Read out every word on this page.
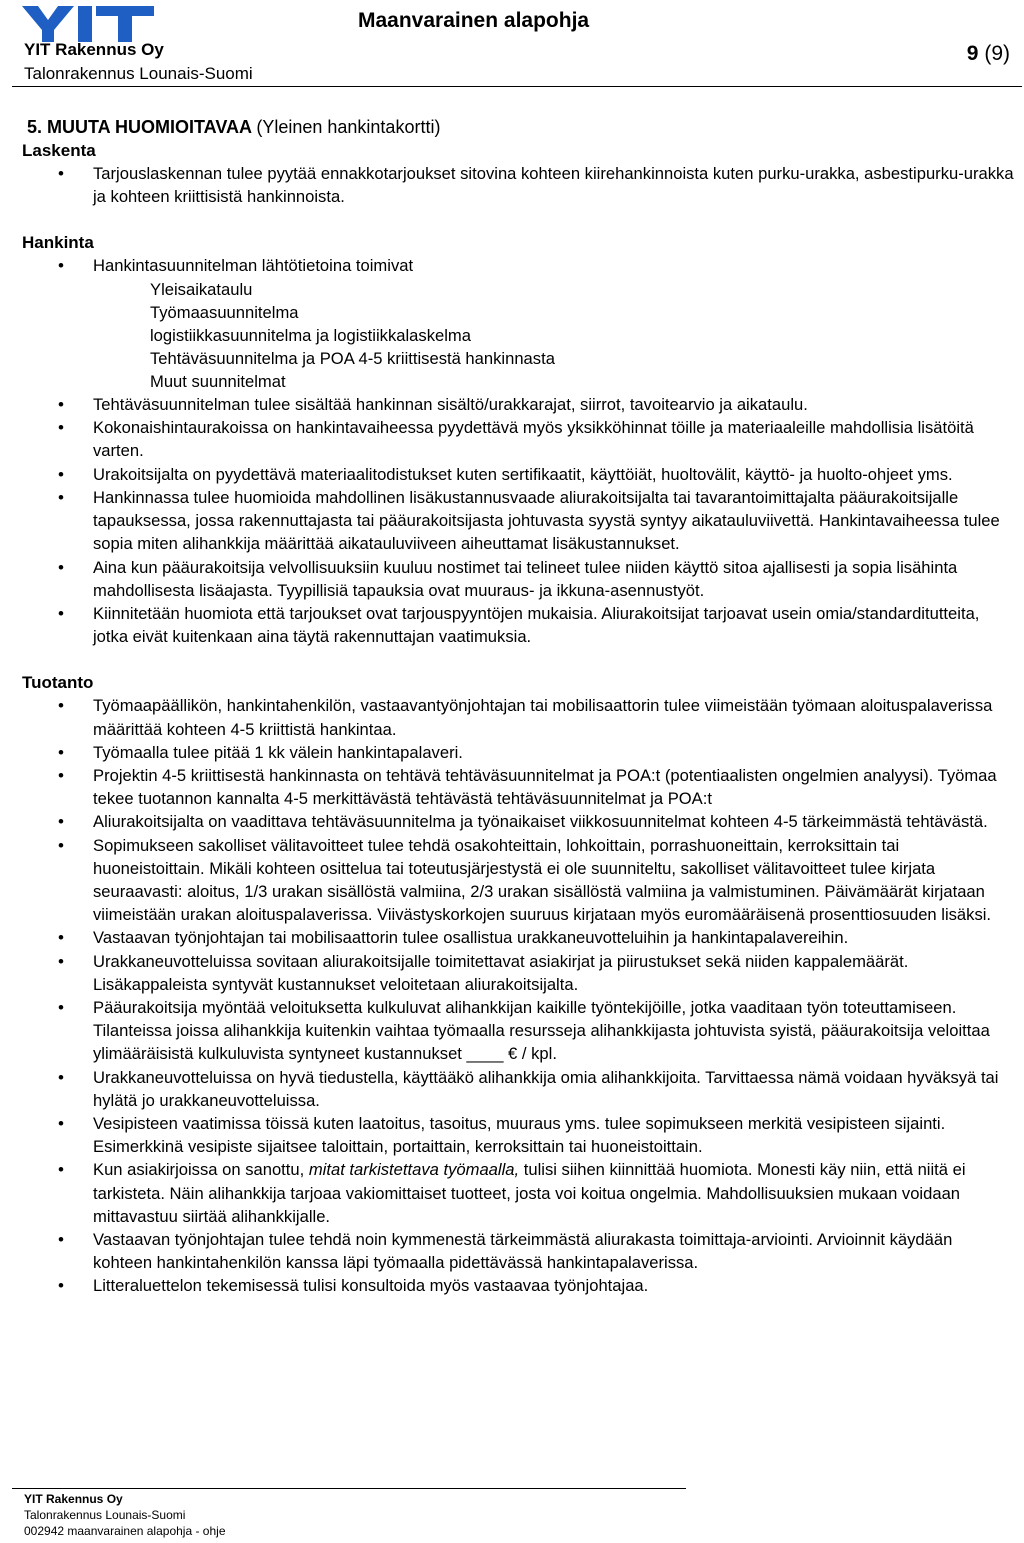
YIT Rakennus Oy
Talonrakennus Lounais-Suomi
Maanvarainen alapohja
9 (9)
5. MUUTA HUOMIOITAVAA (Yleinen hankintakortti)
Laskenta
• Tarjouslaskennan tulee pyytää ennakkotarjoukset sitovina kohteen kiirehankinnoista kuten purku-urakka, asbestipurku-urakka ja kohteen kriittisistä hankinnoista.
Hankinta
• Hankintasuunnitelman lähtötietoina toimivat
Yleisaikataulu
Työmaasuunnitelma
logistiikkasuunnitelma ja logistiikkalaskelma
Tehtäväsuunnitelma ja POA 4-5 kriittisestä hankinnasta
Muut suunnitelmat
• Tehtäväsuunnitelman tulee sisältää hankinnan sisältö/urakkarajat, siirrot, tavoitearvio ja aikataulu.
• Kokonaishintaurakoissa on hankintavaiheessa pyydettävä myös yksikköhinnat töille ja materiaaleille mahdollisia lisätöitä varten.
• Urakoitsijalta on pyydettävä materiaalitodistukset kuten sertifikaatit, käyttöiät, huoltovälit, käyttö- ja huolto-ohjeet yms.
• Hankinnassa tulee huomioida mahdollinen lisäkustannusvaade aliurakoitsijalta tai tavarantoimittajalta pääurakoitsijalle tapauksessa, jossa rakennuttajasta tai pääurakoitsijasta johtuvasta syystä syntyy aikatauluviivettä. Hankintavaiheessa tulee sopia miten alihankkija määrittää aikatauluviiveen aiheuttamat lisäkustannukset.
• Aina kun pääurakoitsija velvollisuuksiin kuuluu nostimet tai telineet tulee niiden käyttö sitoa ajallisesti ja sopia lisähinta mahdollisesta lisäajasta. Tyypillisiä tapauksia ovat muuraus- ja ikkuna-asennustyöt.
• Kiinnitetään huomiota että tarjoukset ovat tarjouspyyntöjen mukaisia. Aliurakoitsijat tarjoavat usein omia/standarditutteita, jotka eivät kuitenkaan aina täytä rakennuttajan vaatimuksia.
Tuotanto
• Työmaapäällikön, hankintahenkilön, vastaavantyönjohtajan tai mobilisaattorin tulee viimeistään työmaan aloituspalaverissa määrittää kohteen 4-5 kriittistä hankintaa.
• Työmaalla tulee pitää 1 kk välein hankintapalaveri.
• Projektin 4-5 kriittisestä hankinnasta on tehtävä tehtäväsuunnitelmat ja POA:t (potentiaalisten ongelmien analyysi). Työmaa tekee tuotannon kannalta 4-5 merkittävästä tehtävästä tehtäväsuunnitelmat ja POA:t
• Aliurakoitsijalta on vaadittava tehtäväsuunnitelma ja työnaikaiset viikkosuunnitelmat kohteen 4-5 tärkeimmästä tehtävästä.
• Sopimukseen sakolliset välitavoitteet tulee tehdä osakohteittain, lohkoittain, porrashuoneittain, kerroksittain tai huoneistoittain. Mikäli kohteen osittelua tai toteutusjärjestystä ei ole suunniteltu, sakolliset välitavoitteet tulee kirjata seuraavasti: aloitus, 1/3 urakan sisällöstä valmiina, 2/3 urakan sisällöstä valmiina ja valmistuminen. Päivämäärät kirjataan viimeistään urakan aloituspalaverissa. Viivästyskorkojen suuruus kirjataan myös euromääräisenä prosenttiosuuden lisäksi.
• Vastaavan työnjohtajan tai mobilisaattorin tulee osallistua urakkaneuvotteluihin ja hankintapalavereihin.
• Urakkaneuvotteluissa sovitaan aliurakoitsijalle toimitettavat asiakirjat ja piirustukset sekä niiden kappalemäärät. Lisäkappaleista syntyvät kustannukset veloitetaan aliurakoitsijalta.
• Pääurakoitsija myöntää veloituksetta kulkuluvat alihankkijan kaikille työntekijöille, jotka vaaditaan työn toteuttamiseen. Tilanteissa joissa alihankkija kuitenkin vaihtaa työmaalla resursseja alihankkijasta johtuvista syistä, pääurakoitsija veloittaa ylimääräisistä kulkuluvista syntyneet kustannukset ____ € / kpl.
• Urakkaneuvotteluissa on hyvä tiedustella, käyttääkö alihankkija omia alihankkijoita. Tarvittaessa nämä voidaan hyväksyä tai hylätä jo urakkaneuvotteluissa.
• Vesipisteen vaatimissa töissä kuten laatoitus, tasoitus, muuraus yms. tulee sopimukseen merkitä vesipisteen sijainti. Esimerkkinä vesipiste sijaitsee taloittain, portaittain, kerroksittain tai huoneistoittain.
• Kun asiakirjoissa on sanottu, mitat tarkistettava työmaalla, tulisi siihen kiinnittää huomiota. Monesti käy niin, että niitä ei tarkisteta. Näin alihankkija tarjoaa vakiomittaiset tuotteet, josta voi koitua ongelmia. Mahdollisuuksien mukaan voidaan mittavastuu siirtää alihankkijalle.
• Vastaavan työnjohtajan tulee tehdä noin kymmenestä tärkeimmästä aliurakasta toimittaja-arviointi. Arvioinnit käydään kohteen hankintahenkilön kanssa läpi työmaalla pidettävässä hankintapalaverissa.
• Litteraluettelon tekemisessä tulisi konsultoida myös vastaavaa työnjohtajaa.
YIT Rakennus Oy
Talonrakennus Lounais-Suomi
002942 maanvarainen alapohja - ohje
